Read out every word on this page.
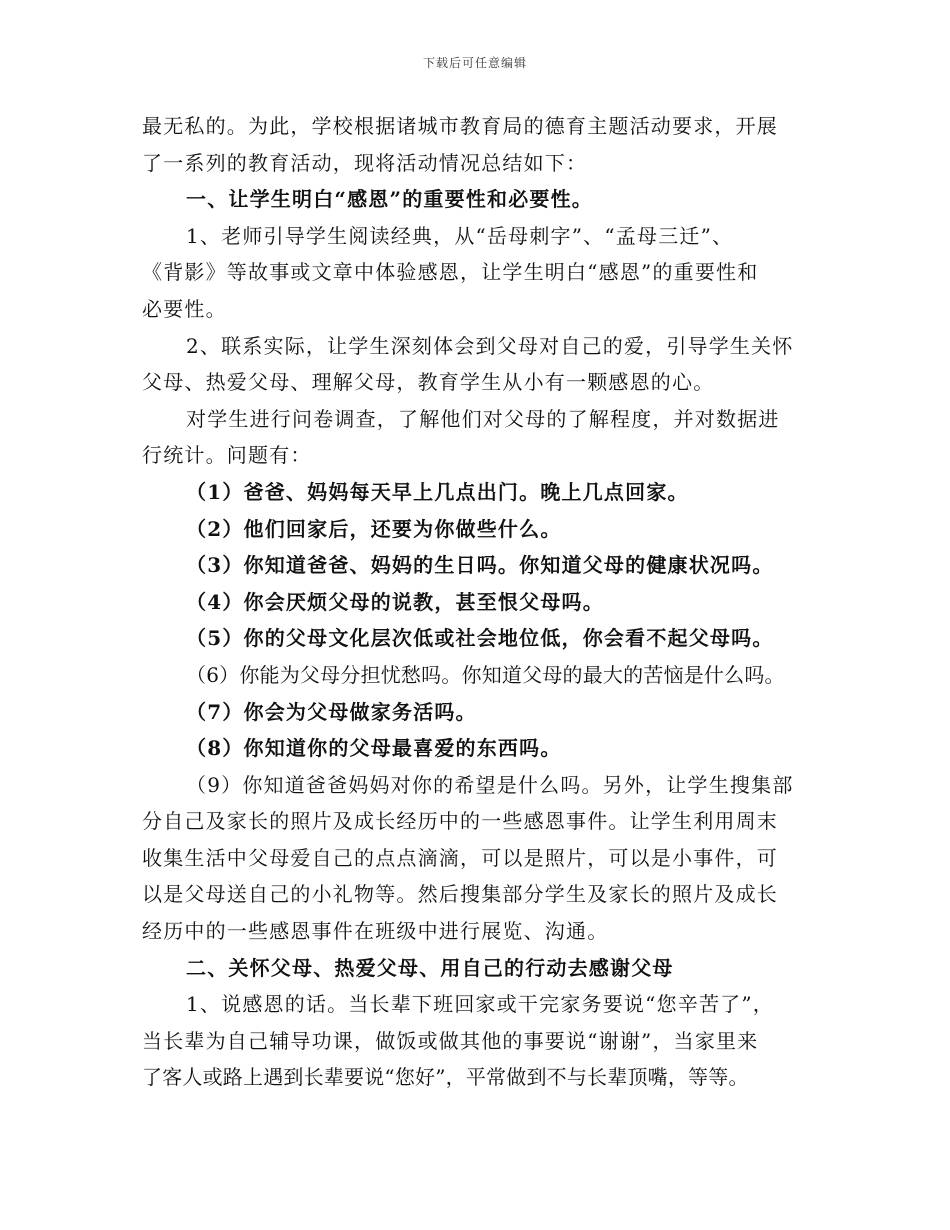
下载后可任意编辑
最无私的。为此，学校根据诸城市教育局的德育主题活动要求，开展
了一系列的教育活动，现将活动情况总结如下：
一、让学生明白“感恩”的重要性和必要性。
1、老师引导学生阅读经典，从“岳母刺字”、“孟母三迁”、
《背影》等故事或文章中体验感恩，让学生明白“感恩”的重要性和
必要性。
2、联系实际，让学生深刻体会到父母对自己的爱，引导学生关怀
父母、热爱父母、理解父母，教育学生从小有一颗感恩的心。
对学生进行问卷调查，了解他们对父母的了解程度，并对数据进
行统计。问题有：
（1）爸爸、妈妈每天早上几点出门。晚上几点回家。
（2）他们回家后，还要为你做些什么。
（3）你知道爸爸、妈妈的生日吗。你知道父母的健康状况吗。
（4）你会厌烦父母的说教，甚至恨父母吗。
（5）你的父母文化层次低或社会地位低，你会看不起父母吗。
（6）你能为父母分担忧愁吗。你知道父母的最大的苦恼是什么吗。
（7）你会为父母做家务活吗。
（8）你知道你的父母最喜爱的东西吗。
（9）你知道爸爸妈妈对你的希望是什么吗。另外，让学生搜集部
分自己及家长的照片及成长经历中的一些感恩事件。让学生利用周末
收集生活中父母爱自己的点点滴滴，可以是照片，可以是小事件，可
以是父母送自己的小礼物等。然后搜集部分学生及家长的照片及成长
经历中的一些感恩事件在班级中进行展览、沟通。
二、关怀父母、热爱父母、用自己的行动去感谢父母
1、说感恩的话。当长辈下班回家或干完家务要说“您辛苦了”，
当长辈为自己辅导功课，做饭或做其他的事要说“谢谢”，当家里来
了客人或路上遇到长辈要说“您好”，平常做到不与长辈顶嘴，等等。
